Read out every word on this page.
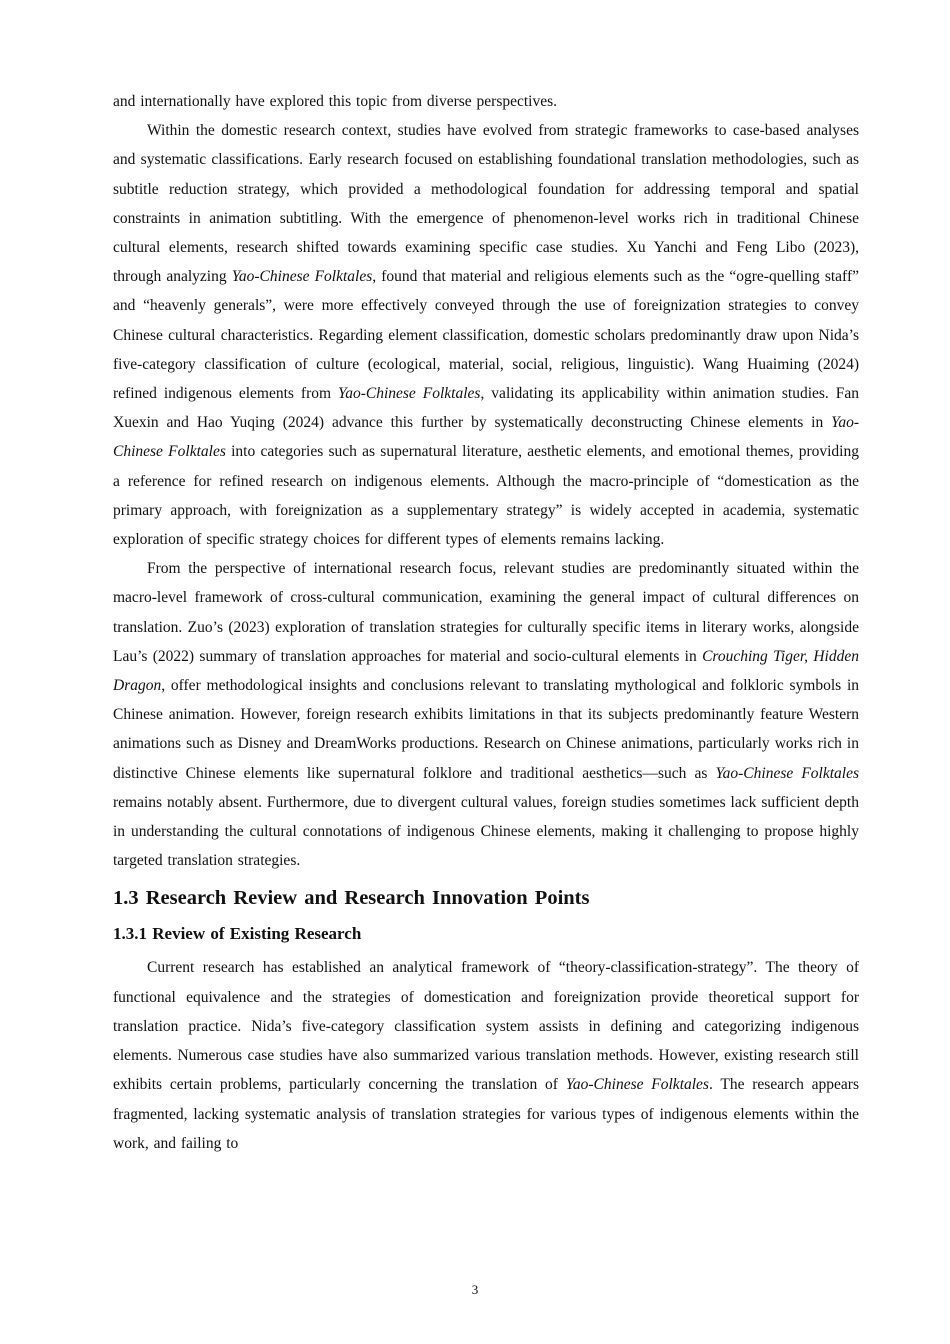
and internationally have explored this topic from diverse perspectives.

Within the domestic research context, studies have evolved from strategic frameworks to case-based analyses and systematic classifications. Early research focused on establishing foundational translation methodologies, such as subtitle reduction strategy, which provided a methodological foundation for addressing temporal and spatial constraints in animation subtitling. With the emergence of phenomenon-level works rich in traditional Chinese cultural elements, research shifted towards examining specific case studies. Xu Yanchi and Feng Libo (2023), through analyzing Yao-Chinese Folktales, found that material and religious elements such as the “ogre-quelling staff” and “heavenly generals”, were more effectively conveyed through the use of foreignization strategies to convey Chinese cultural characteristics. Regarding element classification, domestic scholars predominantly draw upon Nida’s five-category classification of culture (ecological, material, social, religious, linguistic). Wang Huaiming (2024) refined indigenous elements from Yao-Chinese Folktales, validating its applicability within animation studies. Fan Xuexin and Hao Yuqing (2024) advance this further by systematically deconstructing Chinese elements in Yao-Chinese Folktales into categories such as supernatural literature, aesthetic elements, and emotional themes, providing a reference for refined research on indigenous elements. Although the macro-principle of “domestication as the primary approach, with foreignization as a supplementary strategy” is widely accepted in academia, systematic exploration of specific strategy choices for different types of elements remains lacking.

From the perspective of international research focus, relevant studies are predominantly situated within the macro-level framework of cross-cultural communication, examining the general impact of cultural differences on translation. Zuo’s (2023) exploration of translation strategies for culturally specific items in literary works, alongside Lau’s (2022) summary of translation approaches for material and socio-cultural elements in Crouching Tiger, Hidden Dragon, offer methodological insights and conclusions relevant to translating mythological and folkloric symbols in Chinese animation. However, foreign research exhibits limitations in that its subjects predominantly feature Western animations such as Disney and DreamWorks productions. Research on Chinese animations, particularly works rich in distinctive Chinese elements like supernatural folklore and traditional aesthetics—such as Yao-Chinese Folktales remains notably absent. Furthermore, due to divergent cultural values, foreign studies sometimes lack sufficient depth in understanding the cultural connotations of indigenous Chinese elements, making it challenging to propose highly targeted translation strategies.

1.3 Research Review and Research Innovation Points
1.3.1 Review of Existing Research

Current research has established an analytical framework of “theory-classification-strategy”. The theory of functional equivalence and the strategies of domestication and foreignization provide theoretical support for translation practice. Nida’s five-category classification system assists in defining and categorizing indigenous elements. Numerous case studies have also summarized various translation methods. However, existing research still exhibits certain problems, particularly concerning the translation of Yao-Chinese Folktales. The research appears fragmented, lacking systematic analysis of translation strategies for various types of indigenous elements within the work, and failing to

3
